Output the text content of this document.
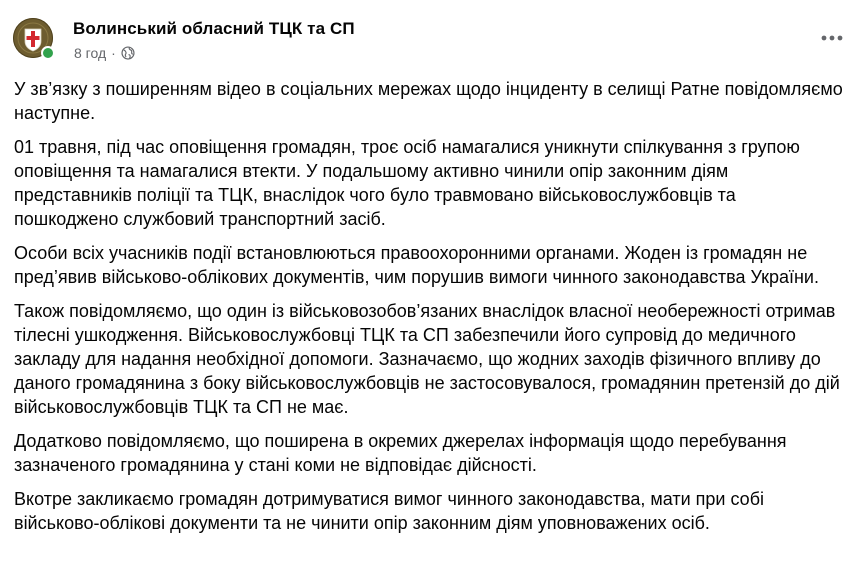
Волинський обласний ТЦК та СП
8 год ·

У зв’язку з поширенням відео в соціальних мережах щодо інциденту в селищі Ратне повідомляємо наступне.

01 травня, під час оповіщення громадян, троє осіб намагалися уникнути спілкування з групою оповіщення та намагалися втекти. У подальшому активно чинили опір законним діям представників поліції та ТЦК, внаслідок чого було травмовано військовослужбовців та пошкоджено службовий транспортний засіб.

Особи всіх учасників події встановлюються правоохоронними органами. Жоден із громадян не пред’явив військово-облікових документів, чим порушив вимоги чинного законодавства України.

Також повідомляємо, що один із військовозобов’язаних внаслідок власної необережності отримав тілесні ушкодження. Військовослужбовці ТЦК та СП забезпечили його супровід до медичного закладу для надання необхідної допомоги. Зазначаємо, що жодних заходів фізичного впливу до даного громадянина з боку військовослужбовців не застосовувалося, громадянин претензій до дій військовослужбовців ТЦК та СП не має.

Додатково повідомляємо, що поширена в окремих джерелах інформація щодо перебування зазначеного громадянина у стані коми не відповідає дійсності.

Вкотре закликаємо громадян дотримуватися вимог чинного законодавства, мати при собі військово-облікові документи та не чинити опір законним діям уповноважених осіб.
